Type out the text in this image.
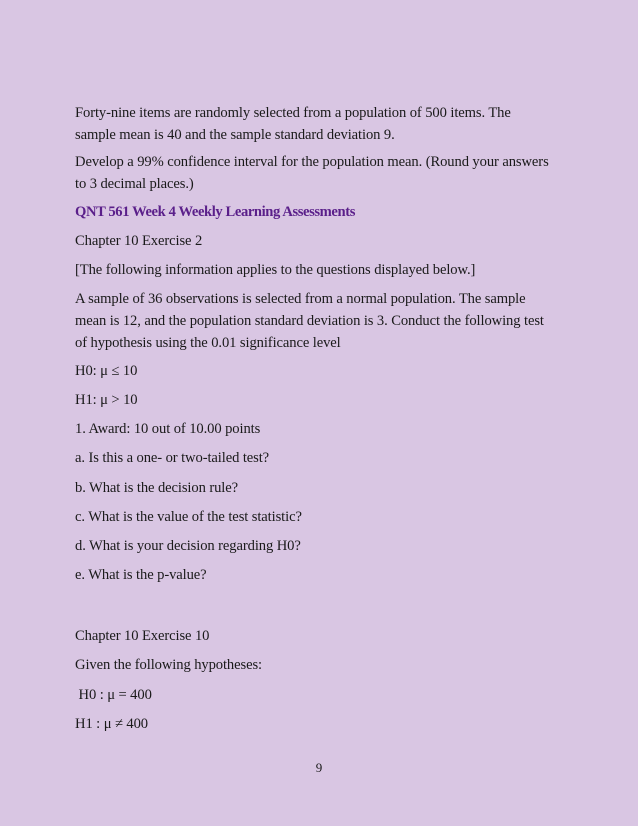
Forty-nine items are randomly selected from a population of 500 items. The
sample mean is 40 and the sample standard deviation 9.
Develop a 99% confidence interval for the population mean. (Round your answers
to 3 decimal places.)
QNT 561 Week 4 Weekly Learning Assessments
Chapter 10 Exercise 2
[The following information applies to the questions displayed below.]
A sample of 36 observations is selected from a normal population. The sample
mean is 12, and the population standard deviation is 3. Conduct the following test
of hypothesis using the 0.01 significance level
H0: μ ≤ 10
H1: μ > 10
1. Award: 10 out of 10.00 points
a. Is this a one- or two-tailed test?
b. What is the decision rule?
c. What is the value of the test statistic?
d. What is your decision regarding H0?
e. What is the p-value?
Chapter 10 Exercise 10
Given the following hypotheses:
H0 : μ = 400
H1 : μ ≠ 400
9
